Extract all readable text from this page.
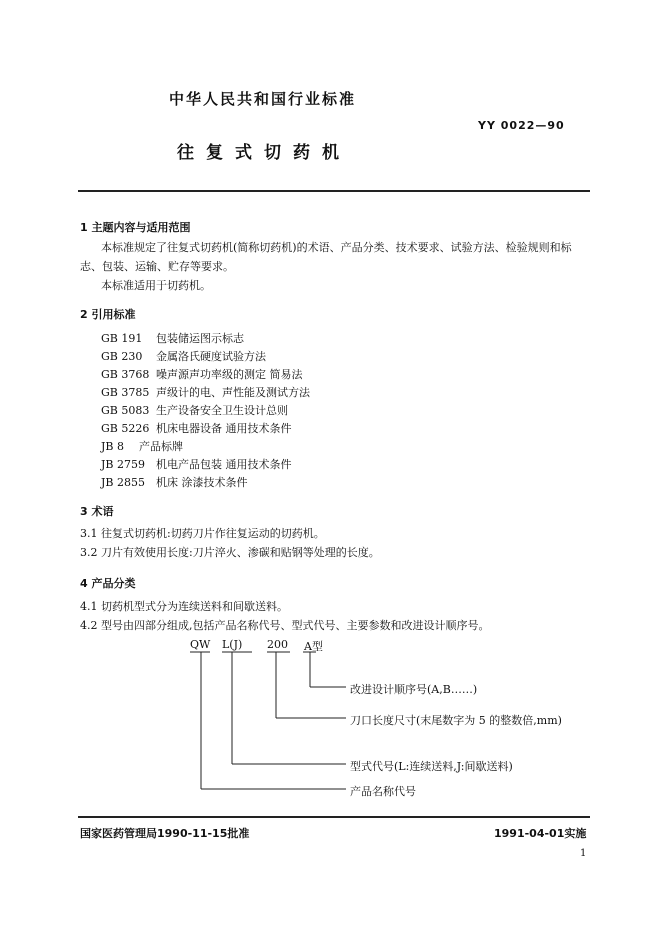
中华人民共和国行业标准
YY 0022—90
往复式切药机
1 主题内容与适用范围
本标准规定了往复式切药机(简称切药机)的术语、产品分类、技术要求、试验方法、检验规则和标
志、包装、运输、贮存等要求。
本标准适用于切药机。
2 引用标准
GB 191 包装储运图示标志
GB 230 金属洛氏硬度试验方法
GB 3768 噪声源声功率级的测定 简易法
GB 3785 声级计的电、声性能及测试方法
GB 5083 生产设备安全卫生设计总则
GB 5226 机床电器设备 通用技术条件
JB 8 产品标牌
JB 2759 机电产品包装 通用技术条件
JB 2855 机床 涂漆技术条件
3 术语
3.1 往复式切药机:切药刀片作往复运动的切药机。
3.2 刀片有效使用长度:刀片淬火、渗碳和贴钢等处理的长度。
4 产品分类
4.1 切药机型式分为连续送料和间歇送料。
4.2 型号由四部分组成,包括产品名称代号、型式代号、主要参数和改进设计顺序号。
QW L(J) 200 A型
改进设计顺序号(A,B……)
刀口长度尺寸(末尾数字为 5 的整数倍,mm)
型式代号(L:连续送料,J:间歇送料)
产品名称代号
国家医药管理局1990-11-15批准	1991-04-01实施
1
